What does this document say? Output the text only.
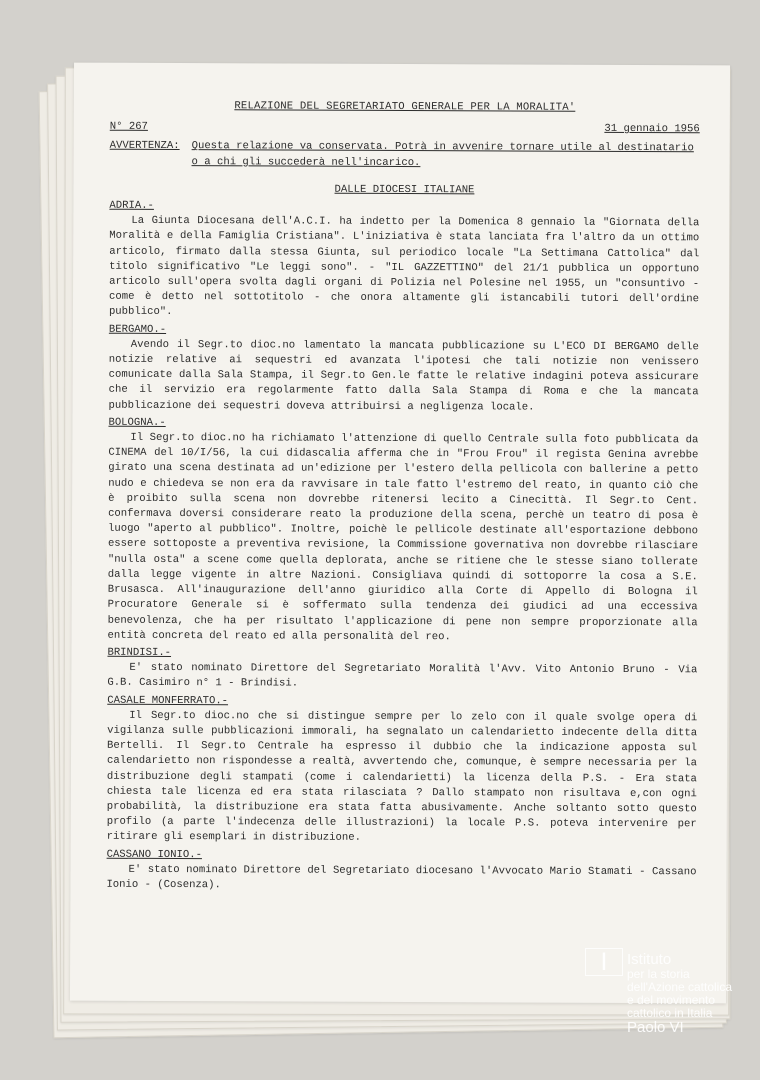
RELAZIONE DEL SEGRETARIATO GENERALE PER LA MORALITA'
N° 267	31 gennaio 1956
AVVERTENZA: Questa relazione va conservata. Potrà in avvenire tornare utile al destinatario o a chi gli succederà nell'incarico.
DALLE DIOCESI ITALIANE
ADRIA.-
La Giunta Diocesana dell'A.C.I. ha indetto per la Domenica 8 gennaio la "Giornata della Moralità e della Famiglia Cristiana". L'iniziativa è stata lanciata fra l'altro da un ottimo articolo, firmato dalla stessa Giunta, sul periodico locale "La Settimana Cattolica" dal titolo significativo "Le leggi sono". - "IL GAZZETTINO" del 21/1 pubblica un opportuno articolo sull'opera svolta dagli organi di Polizia nel Polesine nel 1955, un "consuntivo - come è detto nel sottotitolo - che onora altamente gli istancabili tutori dell'ordine pubblico".
BERGAMO.-
Avendo il Segr.to dioc.no lamentato la mancata pubblicazione su L'ECO DI BERGAMO delle notizie relative ai sequestri ed avanzata l'ipotesi che tali notizie non venissero comunicate dalla Sala Stampa, il Segr.to Gen.le fatte le relative indagini poteva assicurare che il servizio era regolarmente fatto dalla Sala Stampa di Roma e che la mancata pubblicazione dei sequestri doveva attribuirsi a negligenza locale.
BOLOGNA.-
Il Segr.to dioc.no ha richiamato l'attenzione di quello Centrale sulla foto pubblicata da CINEMA del 10/I/56, la cui didascalia afferma che in "Frou Frou" il regista Genina avrebbe girato una scena destinata ad un'edizione per l'estero della pellicola con ballerine a petto nudo e chiedeva se non era da ravvisare in tale fatto l'estremo del reato, in quanto ciò che è proibito sulla scena non dovrebbe ritenersi lecito a Cinecittà. Il Segr.to Cent. confermava doversi considerare reato la produzione della scena, perchè un teatro di posa è luogo "aperto al pubblico". Inoltre, poichè le pellicole destinate all'esportazione debbono essere sottoposte a preventiva revisione, la Commissione governativa non dovrebbe rilasciare "nulla osta" a scene come quella deplorata, anche se ritiene che le stesse siano tollerate dalla legge vigente in altre Nazioni. Consigliava quindi di sottoporre la cosa a S.E. Brusasca. All'inaugurazione dell'anno giuridico alla Corte di Appello di Bologna il Procuratore Generale si è soffermato sulla tendenza dei giudici ad una eccessiva benevolenza, che ha per risultato l'applicazione di pene non sempre proporzionate alla entità concreta del reato ed alla personalità del reo.
BRINDISI.-
E' stato nominato Direttore del Segretariato Moralità l'Avv. Vito Antonio Bruno - Via G.B. Casimiro n° 1 - Brindisi.
CASALE MONFERRATO.-
Il Segr.to dioc.no che si distingue sempre per lo zelo con il quale svolge opera di vigilanza sulle pubblicazioni immorali, ha segnalato un calendarietto indecente della ditta Bertelli. Il Segr.to Centrale ha espresso il dubbio che la indicazione apposta sul calendarietto non rispondesse a realtà, avvertendo che, comunque, è sempre necessaria per la distribuzione degli stampati (come i calendarietti) la licenza della P.S. - Era stata chiesta tale licenza ed era stata rilasciata ? Dallo stampato non risultava e,con ogni probabilità, la distribuzione era stata fatta abusivamente. Anche soltanto sotto questo profilo (a parte l'indecenza delle illustrazioni) la locale P.S. poteva intervenire per ritirare gli esemplari in distribuzione.
CASSANO IONIO.-
E' stato nominato Direttore del Segretariato diocesano l'Avvocato Mario Stamati - Cassano Ionio - (Cosenza).
I	Istituto
per la storia
dell'Azione cattolica
e del movimento
cattolico in Italia
Paolo VI
